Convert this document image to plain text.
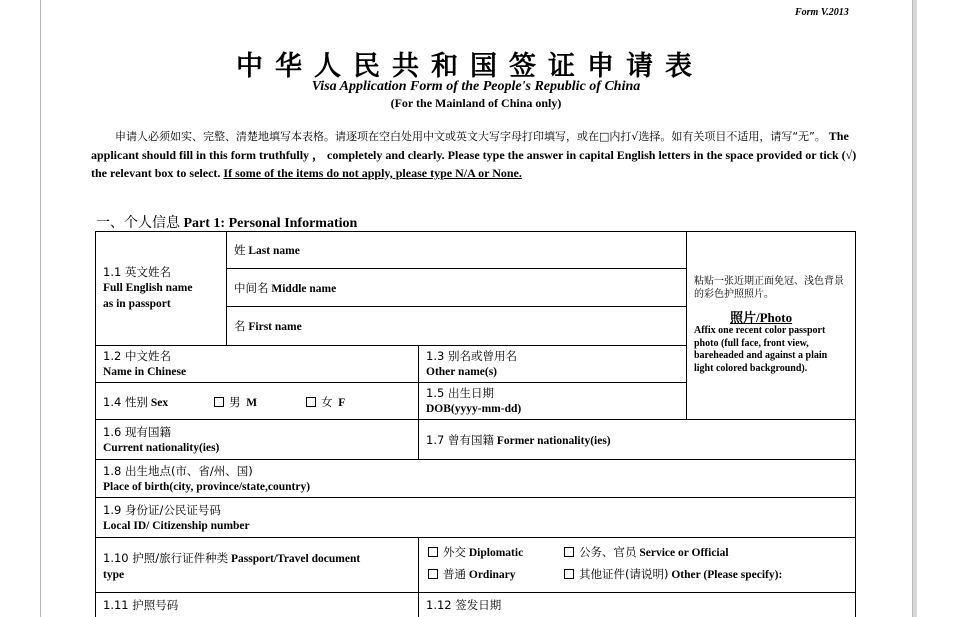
Form V.2013
中华人民共和国签证申请表
Visa Application Form of the People's Republic of China
(For the Mainland of China only)
申请人必须如实、完整、清楚地填写本表格。请逐项在空白处用中文或英文大写字母打印填写，或在□内打√选择。如有关项目不适用，请写“无”。 The applicant should fill in this form truthfully ， completely and clearly. Please type the answer in capital English letters in the space provided or tick (√) the relevant box to select. If some of the items do not apply, please type N/A or None.
一、个人信息 Part 1: Personal Information
1.1 英文姓名
Full English name
as in passport
姓 Last name
中间名 Middle name
名 First name
粘贴一张近期正面免冠、浅色背景的彩色护照照片。
照片/Photo
Affix one recent color passport photo (full face, front view, bareheaded and against a plain light colored background).
1.2 中文姓名
Name in Chinese
1.3 别名或曾用名
Other name(s)
1.4 性别 Sex	男 M	女 F
1.5 出生日期
DOB(yyyy-mm-dd)
1.6 现有国籍
Current nationality(ies)
1.7 曾有国籍 Former nationality(ies)
1.8 出生地点(市、省/州、国)
Place of birth(city, province/state,country)
1.9 身份证/公民证号码
Local ID/ Citizenship number
1.10 护照/旅行证件种类 Passport/Travel document
type
外交 Diplomatic	公务、官员 Service or Official
普通 Ordinary	其他证件(请说明) Other (Please specify):
1.11 护照号码	1.12 签发日期
